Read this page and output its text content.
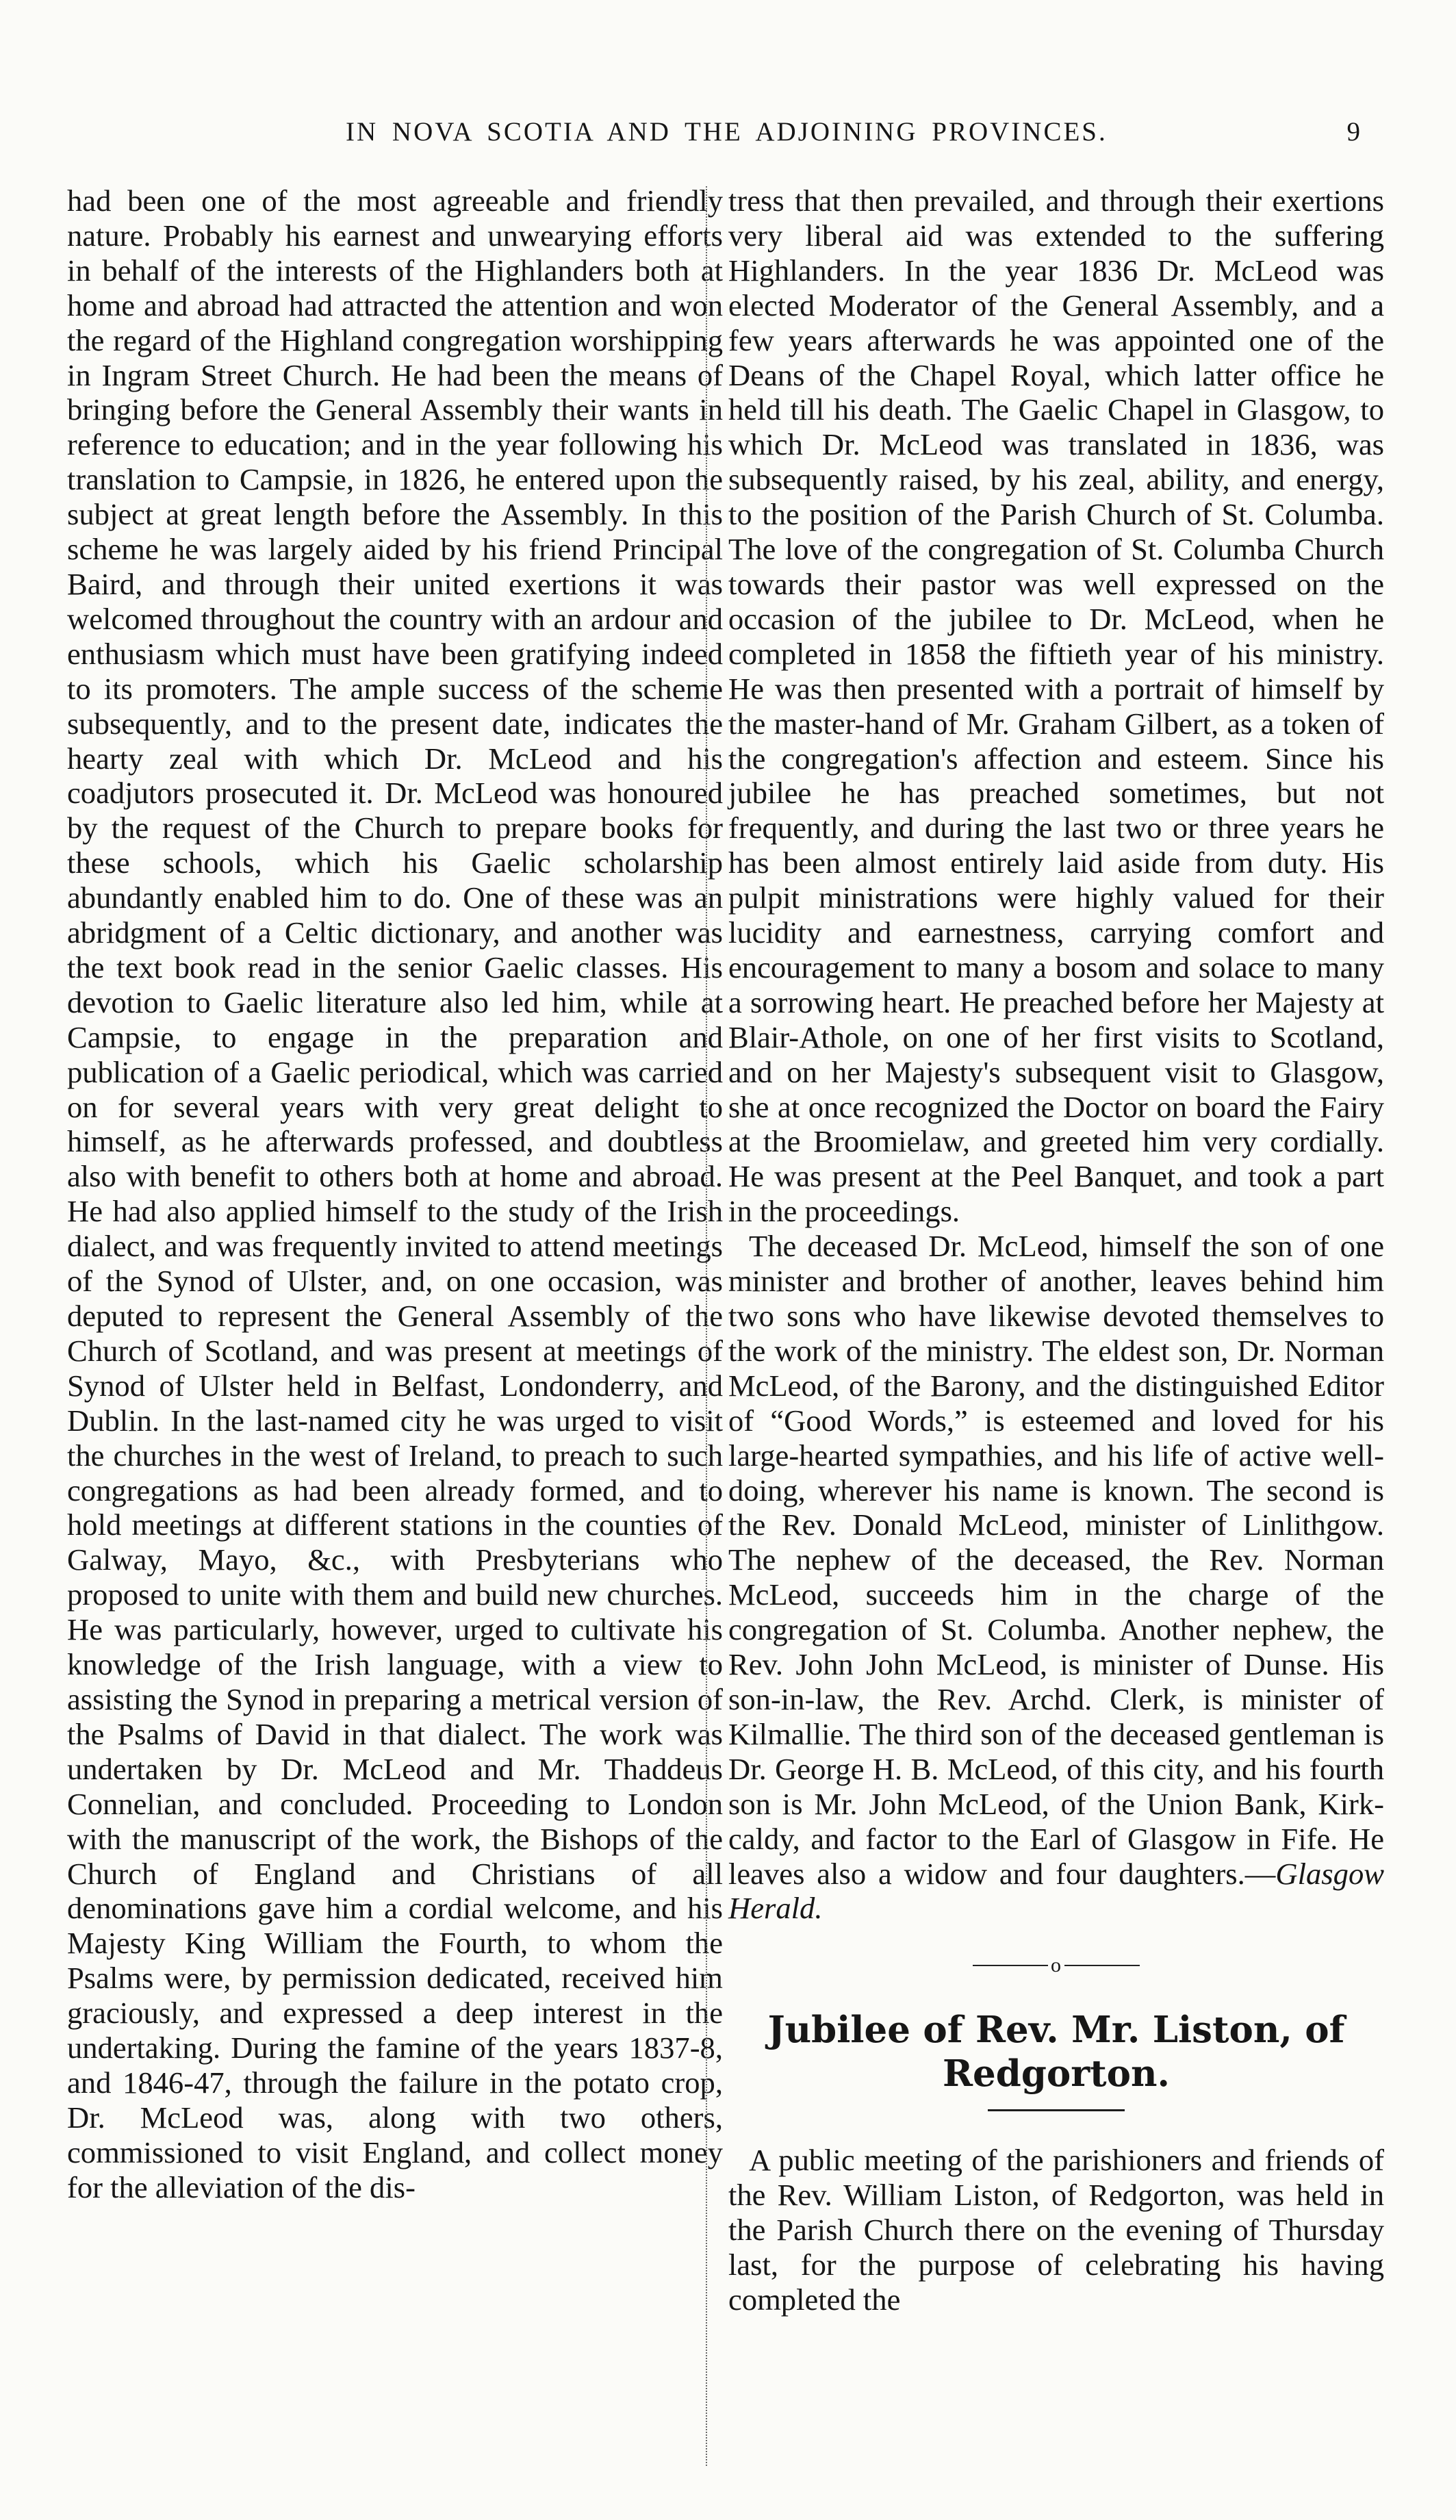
IN NOVA SCOTIA AND THE ADJOINING PROVINCES.	9

had been one of the most agreeable and friendly nature. Probably his earnest and unwearying efforts in behalf of the interests of the Highlanders both at home and abroad had attracted the attention and won the regard of the Highland congregation worshipping in Ingram Street Church. He had been the means of bringing before the General Assembly their wants in reference to education; and in the year following his translation to Campsie, in 1826, he entered upon the subject at great length before the Assembly. In this scheme he was largely aided by his friend Principal Baird, and through their united exertions it was welcomed throughout the country with an ardour and enthusiasm which must have been gratifying indeed to its promoters. The ample success of the scheme subsequently, and to the present date, indicates the hearty zeal with which Dr. McLeod and his coadjutors prosecuted it. Dr. McLeod was honoured by the request of the Church to prepare books for these schools, which his Gaelic scholarship abundantly enabled him to do. One of these was an abridgment of a Celtic dictionary, and another was the text book read in the senior Gaelic classes. His devotion to Gaelic literature also led him, while at Campsie, to engage in the preparation and publication of a Gaelic periodical, which was carried on for several years with very great delight to himself, as he afterwards professed, and doubtless also with benefit to others both at home and abroad. He had also applied himself to the study of the Irish dialect, and was frequently invited to attend meetings of the Synod of Ulster, and, on one occasion, was deputed to represent the General Assembly of the Church of Scotland, and was present at meetings of Synod of Ulster held in Belfast, Londonderry, and Dublin. In the last-named city he was urged to visit the churches in the west of Ireland, to preach to such congregations as had been already formed, and to hold meetings at different stations in the counties of Galway, Mayo, &c., with Presbyterians who proposed to unite with them and build new churches. He was particularly, however, urged to cultivate his knowledge of the Irish language, with a view to assisting the Synod in preparing a metrical version of the Psalms of David in that dialect. The work was undertaken by Dr. McLeod and Mr. Thaddeus Connelian, and concluded. Proceeding to London with the manuscript of the work, the Bishops of the Church of England and Christians of all denominations gave him a cordial welcome, and his Majesty King William the Fourth, to whom the Psalms were, by permission dedicated, received him graciously, and expressed a deep interest in the undertaking. During the famine of the years 1837-8, and 1846-47, through the failure in the potato crop, Dr. McLeod was, along with two others, commissioned to visit England, and collect money for the alleviation of the dis-

tress that then prevailed, and through their exertions very liberal aid was extended to the suffering Highlanders. In the year 1836 Dr. McLeod was elected Moderator of the General Assembly, and a few years afterwards he was appointed one of the Deans of the Chapel Royal, which latter office he held till his death. The Gaelic Chapel in Glasgow, to which Dr. McLeod was translated in 1836, was subsequently raised, by his zeal, ability, and energy, to the position of the Parish Church of St. Columba. The love of the congregation of St. Columba Church towards their pastor was well expressed on the occasion of the jubilee to Dr. McLeod, when he completed in 1858 the fiftieth year of his ministry. He was then presented with a portrait of himself by the master-hand of Mr. Graham Gilbert, as a token of the congregation's affection and esteem. Since his jubilee he has preached sometimes, but not frequently, and during the last two or three years he has been almost entirely laid aside from duty. His pulpit ministrations were highly valued for their lucidity and earnestness, carrying comfort and encouragement to many a bosom and solace to many a sorrowing heart. He preached before her Majesty at Blair-Athole, on one of her first visits to Scotland, and on her Majesty's subsequent visit to Glasgow, she at once recognized the Doctor on board the Fairy at the Broomielaw, and greeted him very cordially. He was present at the Peel Banquet, and took a part in the proceedings.

The deceased Dr. McLeod, himself the son of one minister and brother of another, leaves behind him two sons who have likewise devoted themselves to the work of the ministry. The eldest son, Dr. Norman McLeod, of the Barony, and the distinguished Editor of “Good Words,” is esteemed and loved for his large-hearted sympathies, and his life of active well-doing, wherever his name is known. The second is the Rev. Donald McLeod, minister of Linlithgow. The nephew of the deceased, the Rev. Norman McLeod, succeeds him in the charge of the congregation of St. Columba. Another nephew, the Rev. John John McLeod, is minister of Dunse. His son-in-law, the Rev. Archd. Clerk, is minister of Kilmallie. The third son of the deceased gentleman is Dr. George H. B. McLeod, of this city, and his fourth son is Mr. John McLeod, of the Union Bank, Kirk-caldy, and factor to the Earl of Glasgow in Fife. He leaves also a widow and four daughters.—Glasgow Herald.

o
Jubilee of Rev. Mr. Liston, of Redgorton.

A public meeting of the parishioners and friends of the Rev. William Liston, of Redgorton, was held in the Parish Church there on the evening of Thursday last, for the purpose of celebrating his having completed the
